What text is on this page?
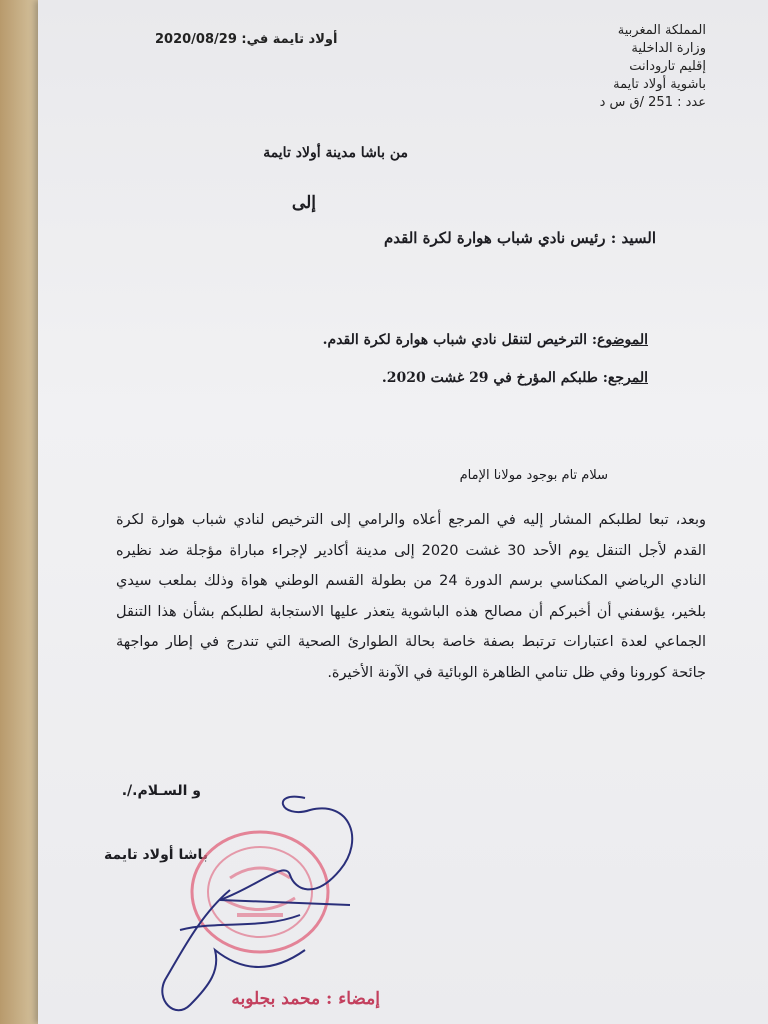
المملكة المغربية
وزارة الداخلية
إقليم تارودانت
باشوية أولاد تايمة
عدد : 251 /ق س د
أولاد تايمة في: 2020/08/29
من باشا مدينة أولاد تايمة
إلى
السيد : رئيس نادي شباب هوارة لكرة القدم
الموضوع: الترخيص لتنقل نادي شباب هوارة لكرة القدم.
المرجع: طلبكم المؤرخ في 29 غشت 2020.
سلام تام بوجود مولانا الإمام
وبعد، تبعا لطلبكم المشار إليه في المرجع أعلاه والرامي إلى الترخيص لنادي شباب هوارة لكرة القدم لأجل التنقل يوم الأحد 30 غشت 2020 إلى مدينة أكادير لإجراء مباراة مؤجلة ضد نظيره النادي الرياضي المكناسي برسم الدورة 24 من بطولة القسم الوطني هواة وذلك بملعب سيدي بلخير، يؤسفني أن أخبركم أن مصالح هذه الباشوية يتعذر عليها الاستجابة لطلبكم بشأن هذا التنقل الجماعي لعدة اعتبارات ترتبط بصفة خاصة بحالة الطوارئ الصحية التي تندرج في إطار مواجهة جائحة كورونا وفي ظل تنامي الظاهرة الوبائية في الآونة الأخيرة.
و السـلام./.
باشا أولاد تايمة
إمضاء : محمد بجلوبه
